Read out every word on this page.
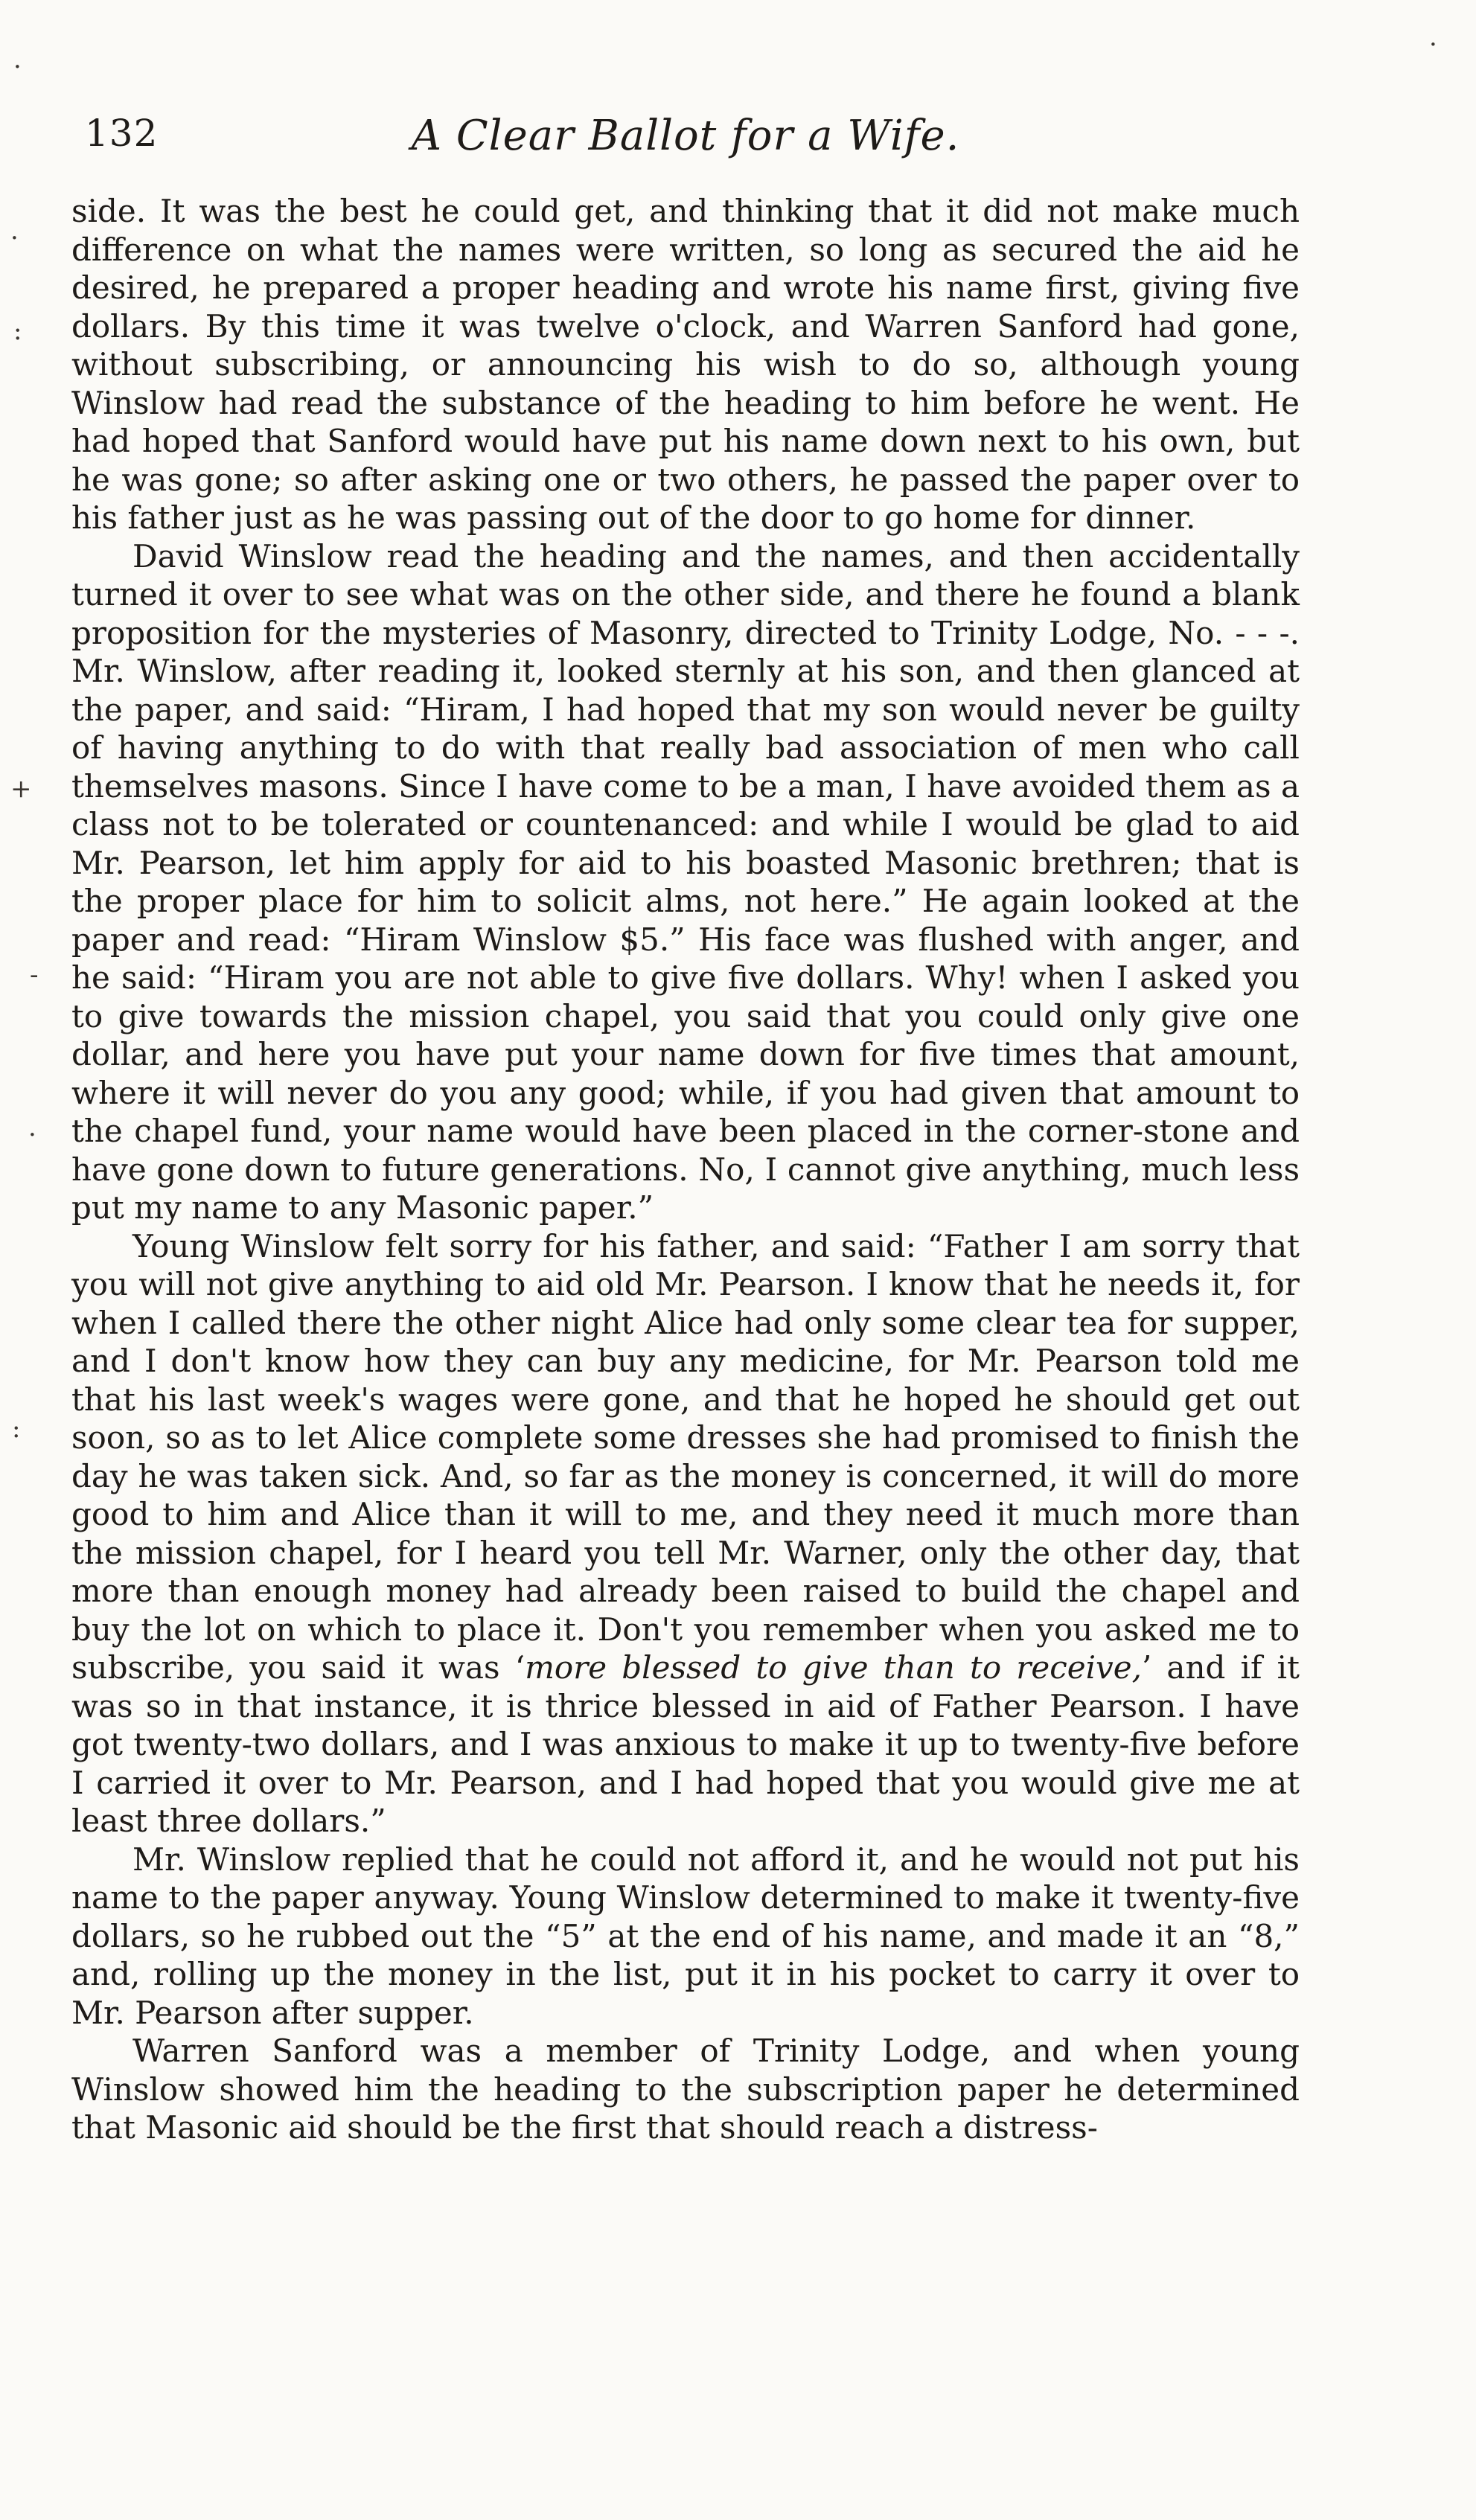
·
·
:
+
-
·
:
·
132	A Clear Ballot for a Wife.

side. It was the best he could get, and thinking that it did not make much difference on what the names were written, so long as secured the aid he desired, he prepared a proper heading and wrote his name first, giving five dollars. By this time it was twelve o'clock, and Warren Sanford had gone, without subscribing, or announcing his wish to do so, although young Winslow had read the substance of the heading to him before he went. He had hoped that Sanford would have put his name down next to his own, but he was gone; so after asking one or two others, he passed the paper over to his father just as he was passing out of the door to go home for dinner.

David Winslow read the heading and the names, and then accidentally turned it over to see what was on the other side, and there he found a blank proposition for the mysteries of Masonry, directed to Trinity Lodge, No. - - -. Mr. Winslow, after reading it, looked sternly at his son, and then glanced at the paper, and said: “Hiram, I had hoped that my son would never be guilty of having anything to do with that really bad association of men who call themselves masons. Since I have come to be a man, I have avoided them as a class not to be tolerated or countenanced: and while I would be glad to aid Mr. Pearson, let him apply for aid to his boasted Masonic brethren; that is the proper place for him to solicit alms, not here.” He again looked at the paper and read: “Hiram Winslow $5.” His face was flushed with anger, and he said: “Hiram you are not able to give five dollars. Why! when I asked you to give towards the mission chapel, you said that you could only give one dollar, and here you have put your name down for five times that amount, where it will never do you any good; while, if you had given that amount to the chapel fund, your name would have been placed in the corner-stone and have gone down to future generations. No, I cannot give anything, much less put my name to any Masonic paper.”

Young Winslow felt sorry for his father, and said: “Father I am sorry that you will not give anything to aid old Mr. Pearson. I know that he needs it, for when I called there the other night Alice had only some clear tea for supper, and I don't know how they can buy any medicine, for Mr. Pearson told me that his last week's wages were gone, and that he hoped he should get out soon, so as to let Alice complete some dresses she had promised to finish the day he was taken sick. And, so far as the money is concerned, it will do more good to him and Alice than it will to me, and they need it much more than the mission chapel, for I heard you tell Mr. Warner, only the other day, that more than enough money had already been raised to build the chapel and buy the lot on which to place it. Don't you remember when you asked me to subscribe, you said it was ‘more blessed to give than to receive,’ and if it was so in that instance, it is thrice blessed in aid of Father Pearson. I have got twenty-two dollars, and I was anxious to make it up to twenty-five before I carried it over to Mr. Pearson, and I had hoped that you would give me at least three dollars.”

Mr. Winslow replied that he could not afford it, and he would not put his name to the paper anyway. Young Winslow determined to make it twenty-five dollars, so he rubbed out the “5” at the end of his name, and made it an “8,” and, rolling up the money in the list, put it in his pocket to carry it over to Mr. Pearson after supper.

Warren Sanford was a member of Trinity Lodge, and when young Winslow showed him the heading to the subscription paper he determined that Masonic aid should be the first that should reach a distress-
